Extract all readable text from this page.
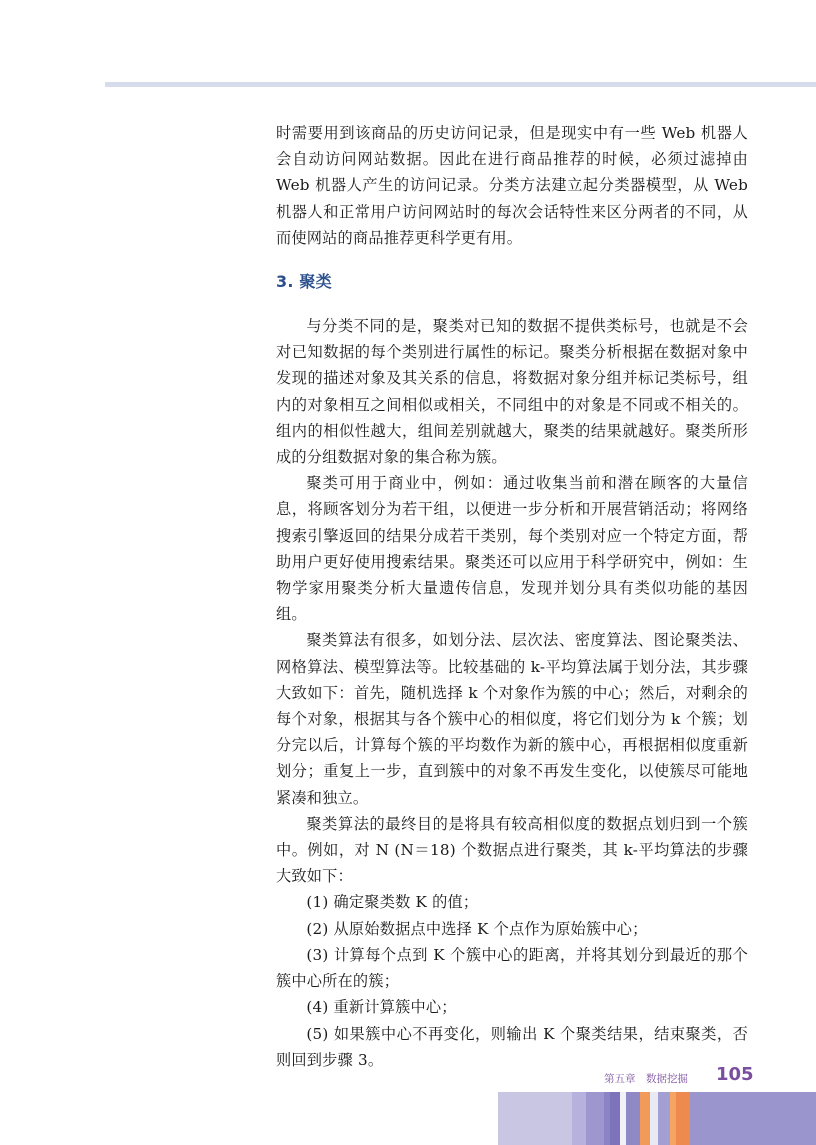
时需要用到该商品的历史访问记录，但是现实中有一些 Web 机器人会自动访问网站数据。因此在进行商品推荐的时候，必须过滤掉由 Web 机器人产生的访问记录。分类方法建立起分类器模型，从 Web 机器人和正常用户访问网站时的每次会话特性来区分两者的不同，从而使网站的商品推荐更科学更有用。

3. 聚类

与分类不同的是，聚类对已知的数据不提供类标号，也就是不会对已知数据的每个类别进行属性的标记。聚类分析根据在数据对象中发现的描述对象及其关系的信息，将数据对象分组并标记类标号，组内的对象相互之间相似或相关，不同组中的对象是不同或不相关的。组内的相似性越大，组间差别就越大，聚类的结果就越好。聚类所形成的分组数据对象的集合称为簇。

聚类可用于商业中，例如：通过收集当前和潜在顾客的大量信息，将顾客划分为若干组，以便进一步分析和开展营销活动；将网络搜索引擎返回的结果分成若干类别，每个类别对应一个特定方面，帮助用户更好使用搜索结果。聚类还可以应用于科学研究中，例如：生物学家用聚类分析大量遗传信息，发现并划分具有类似功能的基因组。

聚类算法有很多，如划分法、层次法、密度算法、图论聚类法、网格算法、模型算法等。比较基础的 k-平均算法属于划分法，其步骤大致如下：首先，随机选择 k 个对象作为簇的中心；然后，对剩余的每个对象，根据其与各个簇中心的相似度，将它们划分为 k 个簇；划分完以后，计算每个簇的平均数作为新的簇中心，再根据相似度重新划分；重复上一步，直到簇中的对象不再发生变化，以使簇尽可能地紧凑和独立。

聚类算法的最终目的是将具有较高相似度的数据点划归到一个簇中。例如，对 N (N＝18) 个数据点进行聚类，其 k-平均算法的步骤大致如下：

(1) 确定聚类数 K 的值；

(2) 从原始数据点中选择 K 个点作为原始簇中心；

(3) 计算每个点到 K 个簇中心的距离，并将其划分到最近的那个簇中心所在的簇；

(4) 重新计算簇中心；

(5) 如果簇中心不再变化，则输出 K 个聚类结果，结束聚类，否则回到步骤 3。

第五章　数据挖掘 105
